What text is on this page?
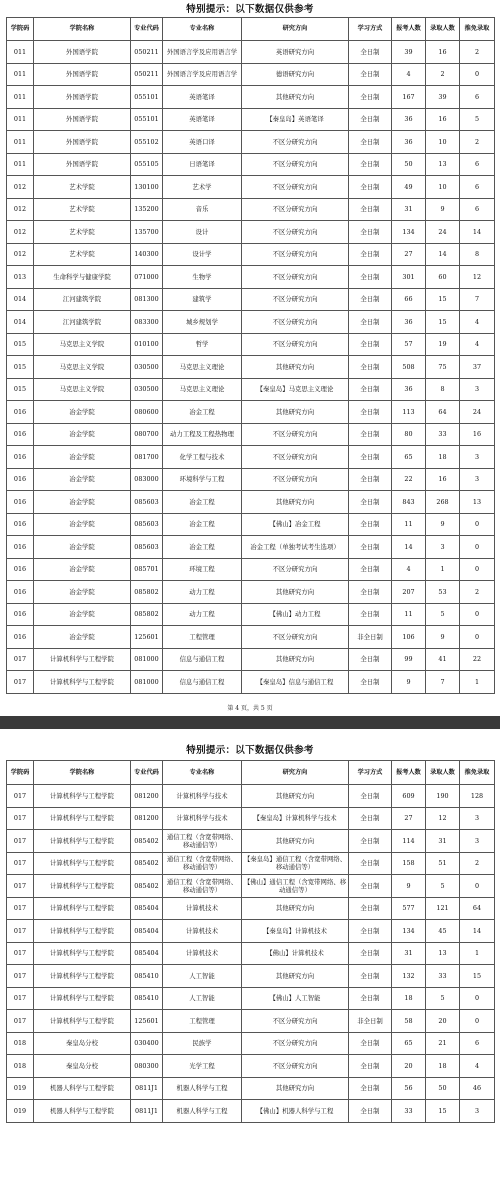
特别提示：以下数据仅供参考
学院码	学院名称	专业代码	专业名称	研究方向	学习方式	报考人数	录取人数	推免录取
011	外国语学院	050211	外国语言学及应用语言学	英语研究方向	全日制	39	16	2
011	外国语学院	050211	外国语言学及应用语言学	德语研究方向	全日制	4	2	0
011	外国语学院	055101	英语笔译	其他研究方向	全日制	167	39	6
011	外国语学院	055101	英语笔译	【秦皇岛】英语笔译	全日制	36	16	5
011	外国语学院	055102	英语口译	不区分研究方向	全日制	36	10	2
011	外国语学院	055105	日语笔译	不区分研究方向	全日制	50	13	6
012	艺术学院	130100	艺术学	不区分研究方向	全日制	49	10	6
012	艺术学院	135200	音乐	不区分研究方向	全日制	31	9	6
012	艺术学院	135700	设计	不区分研究方向	全日制	134	24	14
012	艺术学院	140300	设计学	不区分研究方向	全日制	27	14	8
013	生命科学与健康学院	071000	生物学	不区分研究方向	全日制	301	60	12
014	江河建筑学院	081300	建筑学	不区分研究方向	全日制	66	15	7
014	江河建筑学院	083300	城乡规划学	不区分研究方向	全日制	36	15	4
015	马克思主义学院	010100	哲学	不区分研究方向	全日制	57	19	4
015	马克思主义学院	030500	马克思主义理论	其他研究方向	全日制	508	75	37
015	马克思主义学院	030500	马克思主义理论	【秦皇岛】马克思主义理论	全日制	36	8	3
016	冶金学院	080600	冶金工程	其他研究方向	全日制	113	64	24
016	冶金学院	080700	动力工程及工程热物理	不区分研究方向	全日制	80	33	16
016	冶金学院	081700	化学工程与技术	不区分研究方向	全日制	65	18	3
016	冶金学院	083000	环境科学与工程	不区分研究方向	全日制	22	16	3
016	冶金学院	085603	冶金工程	其他研究方向	全日制	843	268	13
016	冶金学院	085603	冶金工程	【佛山】冶金工程	全日制	11	9	0
016	冶金学院	085603	冶金工程	冶金工程（单独考试考生选项）	全日制	14	3	0
016	冶金学院	085701	环境工程	不区分研究方向	全日制	4	1	0
016	冶金学院	085802	动力工程	其他研究方向	全日制	207	53	2
016	冶金学院	085802	动力工程	【佛山】动力工程	全日制	11	5	0
016	冶金学院	125601	工程管理	不区分研究方向	非全日制	106	9	0
017	计算机科学与工程学院	081000	信息与通信工程	其他研究方向	全日制	99	41	22
017	计算机科学与工程学院	081000	信息与通信工程	【秦皇岛】信息与通信工程	全日制	9	7	1
第 4 页，共 5 页
特别提示：以下数据仅供参考
学院码	学院名称	专业代码	专业名称	研究方向	学习方式	报考人数	录取人数	推免录取
017	计算机科学与工程学院	081200	计算机科学与技术	其他研究方向	全日制	609	190	128
017	计算机科学与工程学院	081200	计算机科学与技术	【秦皇岛】计算机科学与技术	全日制	27	12	3
017	计算机科学与工程学院	085402	通信工程（含宽带网络、移动通信等）	其他研究方向	全日制	114	31	3
017	计算机科学与工程学院	085402	通信工程（含宽带网络、移动通信等）	【秦皇岛】通信工程（含宽带网络、移动通信等）	全日制	158	51	2
017	计算机科学与工程学院	085402	通信工程（含宽带网络、移动通信等）	【佛山】通信工程（含宽带网络、移动通信等）	全日制	9	5	0
017	计算机科学与工程学院	085404	计算机技术	其他研究方向	全日制	577	121	64
017	计算机科学与工程学院	085404	计算机技术	【秦皇岛】计算机技术	全日制	134	45	14
017	计算机科学与工程学院	085404	计算机技术	【佛山】计算机技术	全日制	31	13	1
017	计算机科学与工程学院	085410	人工智能	其他研究方向	全日制	132	33	15
017	计算机科学与工程学院	085410	人工智能	【佛山】人工智能	全日制	18	5	0
017	计算机科学与工程学院	125601	工程管理	不区分研究方向	非全日制	58	20	0
018	秦皇岛分校	030400	民族学	不区分研究方向	全日制	65	21	6
018	秦皇岛分校	080300	光学工程	不区分研究方向	全日制	20	18	4
019	机器人科学与工程学院	0811J1	机器人科学与工程	其他研究方向	全日制	56	50	46
019	机器人科学与工程学院	0811J1	机器人科学与工程	【佛山】机器人科学与工程	全日制	33	15	3
